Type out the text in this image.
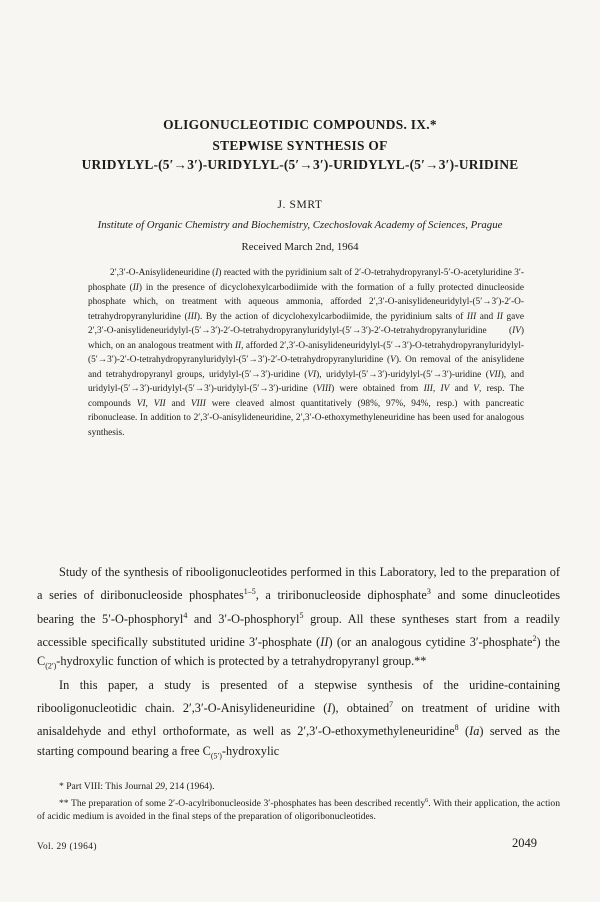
OLIGONUCLEOTIDIC COMPOUNDS. IX.*
STEPWISE SYNTHESIS OF
URIDYLYL-(5′→3′)-URIDYLYL-(5′→3′)-URIDYLYL-(5′→3′)-URIDINE
J. SMRT
Institute of Organic Chemistry and Biochemistry, Czechoslovak Academy of Sciences, Prague
Received March 2nd, 1964
2′,3′-O-Anisylideneuridine (I) reacted with the pyridinium salt of 2′-O-tetrahydropyranyl-5′-O-acetyluridine 3′-phosphate (II) in the presence of dicyclohexylcarbodiimide with the formation of a fully protected dinucleoside phosphate which, on treatment with aqueous ammonia, afforded 2′,3′-O-anisylideneuridylyl-(5′→3′)-2′-O-tetrahydropyranyluridine (III). By the action of dicyclohexylcarbodiimide, the pyridinium salts of III and II gave 2′,3′-O-anisylideneuridylyl-(5′→3′)-2′-O-tetrahydropyranyluridylyl-(5′→3′)-2′-O-tetrahydropyranyluridine (IV) which, on an analogous treatment with II, afforded 2′,3′-O-anisylideneuridylyl-(5′→3′)-O-tetrahydropyranyluridylyl-(5′→3′)-2′-O-tetrahydropyranyluridylyl-(5′→3′)-2′-O-tetrahydropyranyluridine (V). On removal of the anisylidene and tetrahydropyranyl groups, uridylyl-(5′→3′)-uridine (VI), uridylyl-(5′→3′)-uridylyl-(5′→3′)-uridine (VII), and uridylyl-(5′→3′)-uridylyl-(5′→3′)-uridylyl-(5′→3′)-uridine (VIII) were obtained from III, IV and V, resp. The compounds VI, VII and VIII were cleaved almost quantitatively (98%, 97%, 94%, resp.) with pancreatic ribonuclease. In addition to 2′,3′-O-anisylideneuridine, 2′,3′-O-ethoxymethyleneuridine has been used for analogous synthesis.

Study of the synthesis of ribooligonucleotides performed in this Laboratory, led to the preparation of a series of diribonucleoside phosphates$^{1-5}$, a triribonucleoside diphosphate$^3$ and some dinucleotides bearing the 5′-O-phosphoryl$^4$ and 3′-O-phosphoryl$^5$ group. All these syntheses start from a readily accessible specifically substituted uridine 3′-phosphate (II) (or an analogous cytidine 3′-phosphate$^2$) the $C_{(2')}$-hydroxylic function of which is protected by a tetrahydropyranyl group.**

In this paper, a study is presented of a stepwise synthesis of the uridine-containing ribooligonucleotidic chain. 2′,3′-O-Anisylideneuridine (I), obtained$^7$ on treatment of uridine with anisaldehyde and ethyl orthoformate, as well as 2′,3′-O-ethoxymethyleneuridine$^8$ (Ia) served as the starting compound bearing a free $C_{(5')}$-hydroxylic

* Part VIII: This Journal 29, 214 (1964).

** The preparation of some 2′-O-acylribonucleoside 3′-phosphates has been described recently$^6$. With their application, the action of acidic medium is avoided in the final steps of the preparation of oligoribonucleotides.

Vol. 29 (1964)	2049
